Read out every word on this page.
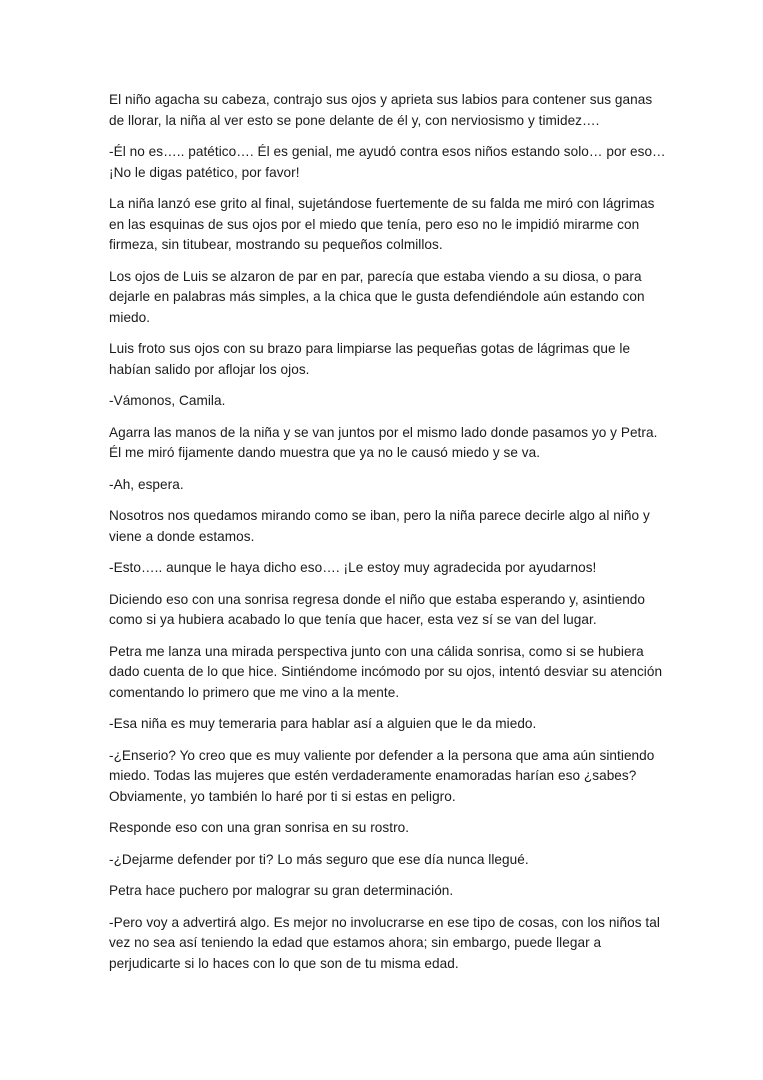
El niño agacha su cabeza, contrajo sus ojos y aprieta sus labios para contener sus ganas de llorar, la niña al ver esto se pone delante de él y, con nerviosismo y timidez….

-Él no es….. patético…. Él es genial, me ayudó contra esos niños estando solo… por eso… ¡No le digas patético, por favor!

La niña lanzó ese grito al final, sujetándose fuertemente de su falda me miró con lágrimas en las esquinas de sus ojos por el miedo que tenía, pero eso no le impidió mirarme con firmeza, sin titubear, mostrando su pequeños colmillos.

Los ojos de Luis se alzaron de par en par, parecía que estaba viendo a su diosa, o para dejarle en palabras más simples, a la chica que le gusta defendiéndole aún estando con miedo.

Luis froto sus ojos con su brazo para limpiarse las pequeñas gotas de lágrimas que le habían salido por aflojar los ojos.

-Vámonos, Camila.

Agarra las manos de la niña y se van juntos por el mismo lado donde pasamos yo y Petra. Él me miró fijamente dando muestra que ya no le causó miedo y se va.

-Ah, espera.

Nosotros nos quedamos mirando como se iban, pero la niña parece decirle algo al niño y viene a donde estamos.

-Esto….. aunque le haya dicho eso…. ¡Le estoy muy agradecida por ayudarnos!

Diciendo eso con una sonrisa regresa donde el niño que estaba esperando y, asintiendo como si ya hubiera acabado lo que tenía que hacer, esta vez sí se van del lugar.

Petra me lanza una mirada perspectiva junto con una cálida sonrisa, como si se hubiera dado cuenta de lo que hice. Sintiéndome incómodo por su ojos, intentó desviar su atención comentando lo primero que me vino a la mente.

-Esa niña es muy temeraria para hablar así a alguien que le da miedo.

-¿Enserio? Yo creo que es muy valiente por defender a la persona que ama aún sintiendo miedo. Todas las mujeres que estén verdaderamente enamoradas harían eso ¿sabes? Obviamente, yo también lo haré por ti si estas en peligro.

Responde eso con una gran sonrisa en su rostro.

-¿Dejarme defender por ti? Lo más seguro que ese día nunca llegué.

Petra hace puchero por malograr su gran determinación.

-Pero voy a advertirá algo. Es mejor no involucrarse en ese tipo de cosas, con los niños tal vez no sea así teniendo la edad que estamos ahora; sin embargo, puede llegar a perjudicarte si lo haces con lo que son de tu misma edad.
